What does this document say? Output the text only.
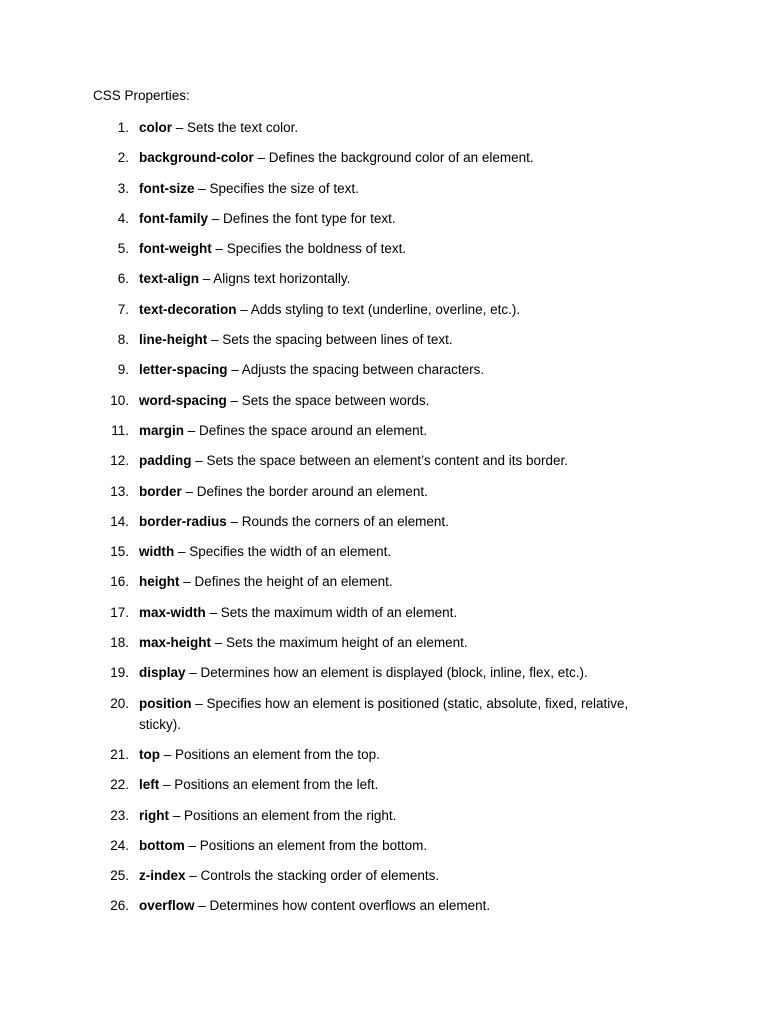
CSS Properties:
1. color – Sets the text color.
2. background-color – Defines the background color of an element.
3. font-size – Specifies the size of text.
4. font-family – Defines the font type for text.
5. font-weight – Specifies the boldness of text.
6. text-align – Aligns text horizontally.
7. text-decoration – Adds styling to text (underline, overline, etc.).
8. line-height – Sets the spacing between lines of text.
9. letter-spacing – Adjusts the spacing between characters.
10. word-spacing – Sets the space between words.
11. margin – Defines the space around an element.
12. padding – Sets the space between an element’s content and its border.
13. border – Defines the border around an element.
14. border-radius – Rounds the corners of an element.
15. width – Specifies the width of an element.
16. height – Defines the height of an element.
17. max-width – Sets the maximum width of an element.
18. max-height – Sets the maximum height of an element.
19. display – Determines how an element is displayed (block, inline, flex, etc.).
20. position – Specifies how an element is positioned (static, absolute, fixed, relative, sticky).
21. top – Positions an element from the top.
22. left – Positions an element from the left.
23. right – Positions an element from the right.
24. bottom – Positions an element from the bottom.
25. z-index – Controls the stacking order of elements.
26. overflow – Determines how content overflows an element.
